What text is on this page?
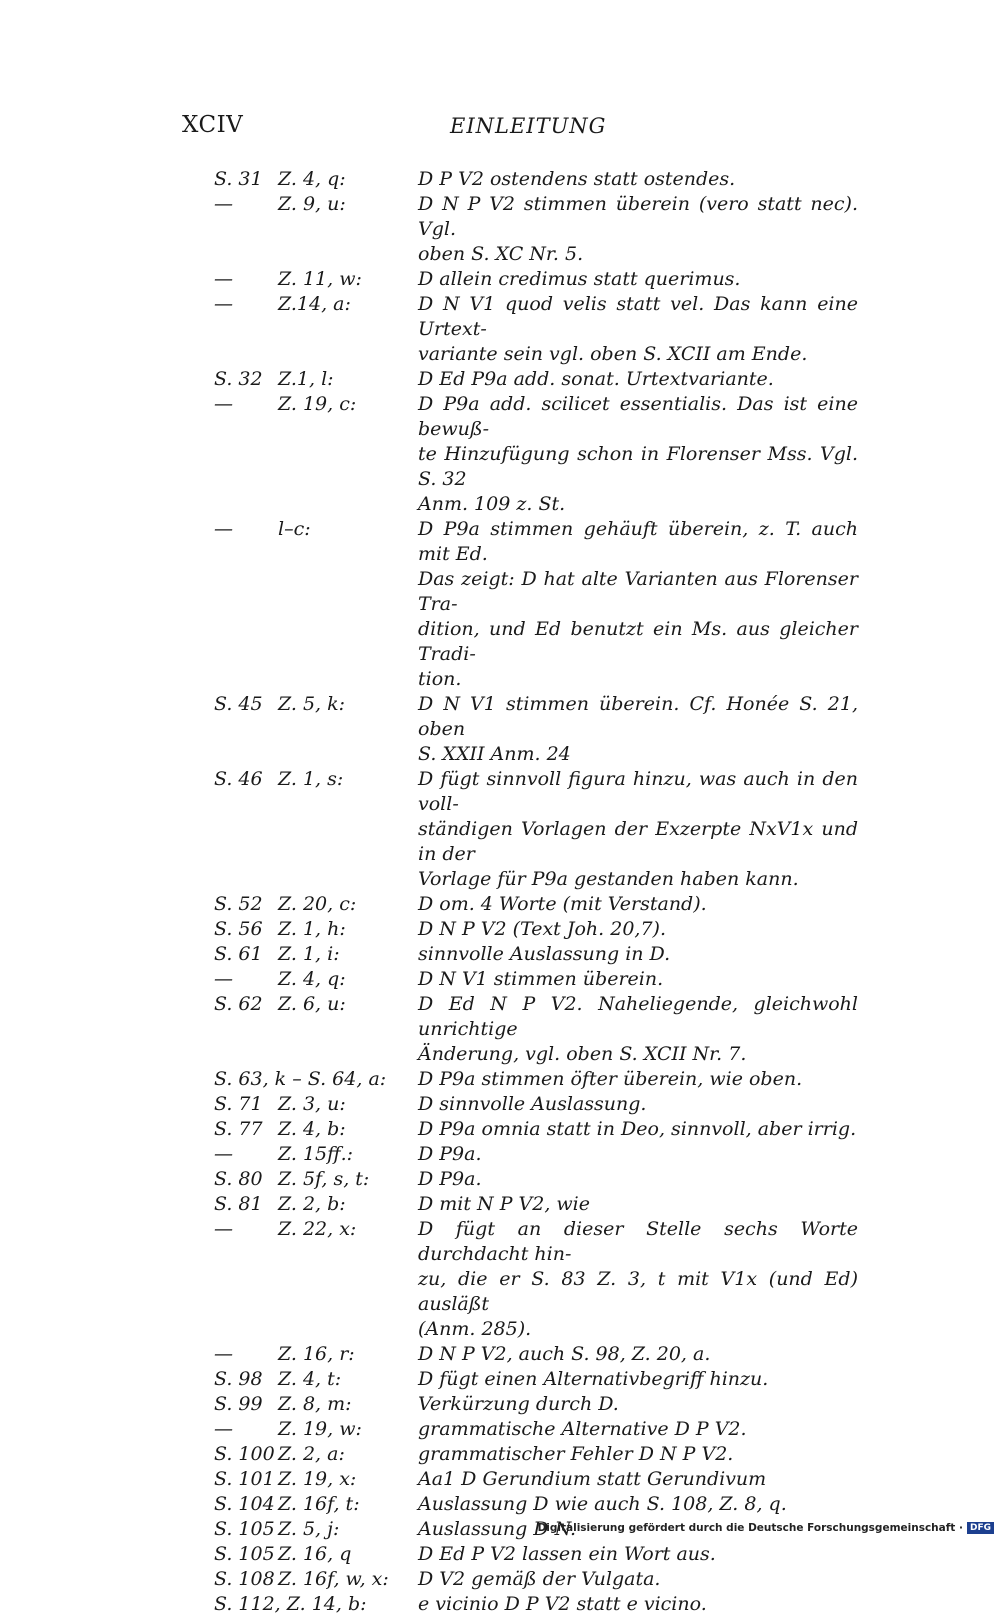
XCIV	EINLEITUNG
S. 31 Z. 4, q:	D P V2 ostendens statt ostendes.
—	Z. 9, u:	D N P V2 stimmen überein (vero statt nec). Vgl.
oben S. XC Nr. 5.
—	Z. 11, w:	D allein credimus statt querimus.
—	Z.14, a:	D N V1 quod velis statt vel. Das kann eine Urtext-
variante sein vgl. oben S. XCII am Ende.
S. 32 Z.1, l:	D Ed P9a add. sonat. Urtextvariante.
—	Z. 19, c:	D P9a add. scilicet essentialis. Das ist eine bewuß-
te Hinzufügung schon in Florenser Mss. Vgl. S. 32
Anm. 109 z. St.
—	l–c:	D P9a stimmen gehäuft überein, z. T. auch mit Ed.
Das zeigt: D hat alte Varianten aus Florenser Tra-
dition, und Ed benutzt ein Ms. aus gleicher Tradi-
tion.
S. 45 Z. 5, k:	D N V1 stimmen überein. Cf. Honée S. 21, oben
S. XXII Anm. 24
S. 46 Z. 1, s:	D fügt sinnvoll figura hinzu, was auch in den voll-
ständigen Vorlagen der Exzerpte NxV1x und in der
Vorlage für P9a gestanden haben kann.
S. 52 Z. 20, c:	D om. 4 Worte (mit Verstand).
S. 56 Z. 1, h:	D N P V2 (Text Joh. 20,7).
S. 61 Z. 1, i:	sinnvolle Auslassung in D.
—	Z. 4, q:	D N V1 stimmen überein.
S. 62 Z. 6, u:	D Ed N P V2. Naheliegende, gleichwohl unrichtige
Änderung, vgl. oben S. XCII Nr. 7.
S. 63, k – S. 64, a:	D P9a stimmen öfter überein, wie oben.
S. 71 Z. 3, u:	D sinnvolle Auslassung.
S. 77 Z. 4, b:	D P9a omnia statt in Deo, sinnvoll, aber irrig.
—	Z. 15ff.:	D P9a.
S. 80 Z. 5f, s, t:	D P9a.
S. 81 Z. 2, b:	D mit N P V2, wie
—	Z. 22, x:	D fügt an dieser Stelle sechs Worte durchdacht hin-
zu, die er S. 83 Z. 3, t mit V1x (und Ed) ausläßt
(Anm. 285).
—	Z. 16, r:	D N P V2, auch S. 98, Z. 20, a.
S. 98 Z. 4, t:	D fügt einen Alternativbegriff hinzu.
S. 99 Z. 8, m:	Verkürzung durch D.
—	Z. 19, w:	grammatische Alternative D P V2.
S. 100 Z. 2, a:	grammatischer Fehler D N P V2.
S. 101 Z. 19, x:	Aa1 D Gerundium statt Gerundivum
S. 104 Z. 16f, t:	Auslassung D wie auch S. 108, Z. 8, q.
S. 105 Z. 5, j:	Auslassung D N.
S. 105 Z. 16, q	D Ed P V2 lassen ein Wort aus.
S. 108 Z. 16f, w, x:	D V2 gemäß der Vulgata.
S. 112, Z. 14, b:	e vicinio D P V2 statt e vicino.
Digitalisierung gefördert durch die Deutsche Forschungsgemeinschaft · DFG
